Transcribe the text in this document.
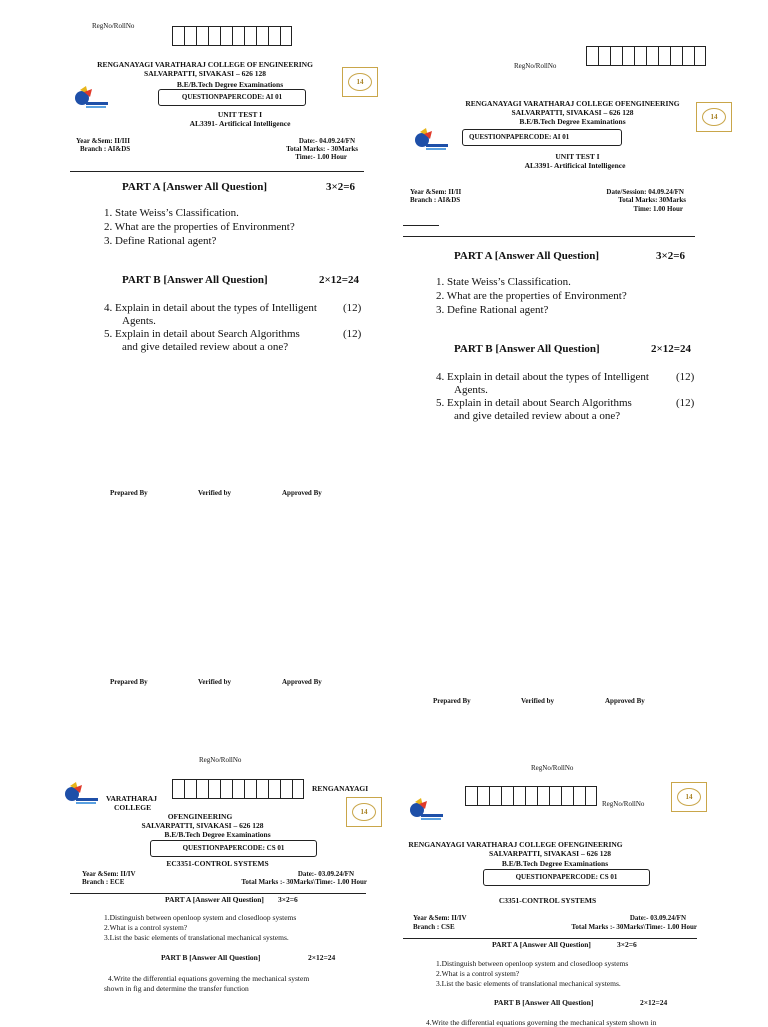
RegNo/RollNo
RENGANAYAGI VARATHARAJ COLLEGE OF ENGINEERING
SALVARPATTI, SIVAKASI – 626 128
B.E/B.Tech Degree Examinations
QUESTIONPAPERCODE: AI 01
14
UNIT TEST I
AL3391- Artificical Intelligence
Year &Sem: II/III
Branch : AI&DS
Date:- 04.09.24/FN
Total Marks: - 30Marks
Time:- 1.00 Hour
PART A [Answer All Question]	3×2=6
1. State Weiss’s Classification.
2. What are the properties of Environment?
3. Define Rational agent?
PART B [Answer All Question]	2×12=24
4. Explain in detail about the types of Intelligent
Agents.
(12)
5. Explain in detail about Search Algorithms
and give detailed review about a one?
(12)
Prepared By	Verified by	Approved By
RegNo/RollNo
RENGANAYAGI VARATHARAJ COLLEGE OFENGINEERING
SALVARPATTI, SIVAKASI – 626 128
B.E/B.Tech Degree Examinations
QUESTIONPAPERCODE: AI 01
14
UNIT TEST I
AL3391- Artificical Intelligence
Year &Sem: II/II
Branch : AI&DS
Date/Session: 04.09.24/FN
Total Marks: 30Marks
Time: 1.00 Hour
PART A [Answer All Question]	3×2=6
1. State Weiss’s Classification.
2. What are the properties of Environment?
3. Define Rational agent?
PART B [Answer All Question]	2×12=24
4. Explain in detail about the types of Intelligent
Agents.
(12)
5. Explain in detail about Search Algorithms
and give detailed review about a one?
(12)
Prepared By	Verified by	Approved By
Prepared By	Verified by	Approved By
RegNo/RollNo
RENGANAYAGI
VARATHARAJ
COLLEGE	14
OFENGINEERING
SALVARPATTI, SIVAKASI – 626 128
B.E/B.Tech Degree Examinations
QUESTIONPAPERCODE: CS 01
EC3351-CONTROL SYSTEMS
Year &Sem: II/IV
Branch : ECE
Date:- 03.09.24/FN
Total Marks :- 30Marks\Time:- 1.00 Hour
PART A [Answer All Question] 3×2=6
1.Distinguish between openloop system and closedloop systems
2.What is a control system?
3.List the basic elements of translational mechanical systems.
PART B [Answer All Question]	2×12=24
4.Write the differential equations governing the mechanical system
shown in fig and determine the transfer function
RegNo/RollNo
RegNo/RollNo
14
RENGANAYAGI VARATHARAJ COLLEGE OFENGINEERING
SALVARPATTI, SIVAKASI – 626 128
B.E/B.Tech Degree Examinations
QUESTIONPAPERCODE: CS 01
C3351-CONTROL SYSTEMS
Year &Sem: II/IV
Branch : CSE
Date:- 03.09.24/FN
Total Marks :- 30Marks\Time:- 1.00 Hour
PART A [Answer All Question]	3×2=6
1.Distinguish between openloop system and closedloop systems
2.What is a control system?
3.List the basic elements of translational mechanical systems.
PART B [Answer All Question]	2×12=24
4.Write the differential equations governing the mechanical system shown in
